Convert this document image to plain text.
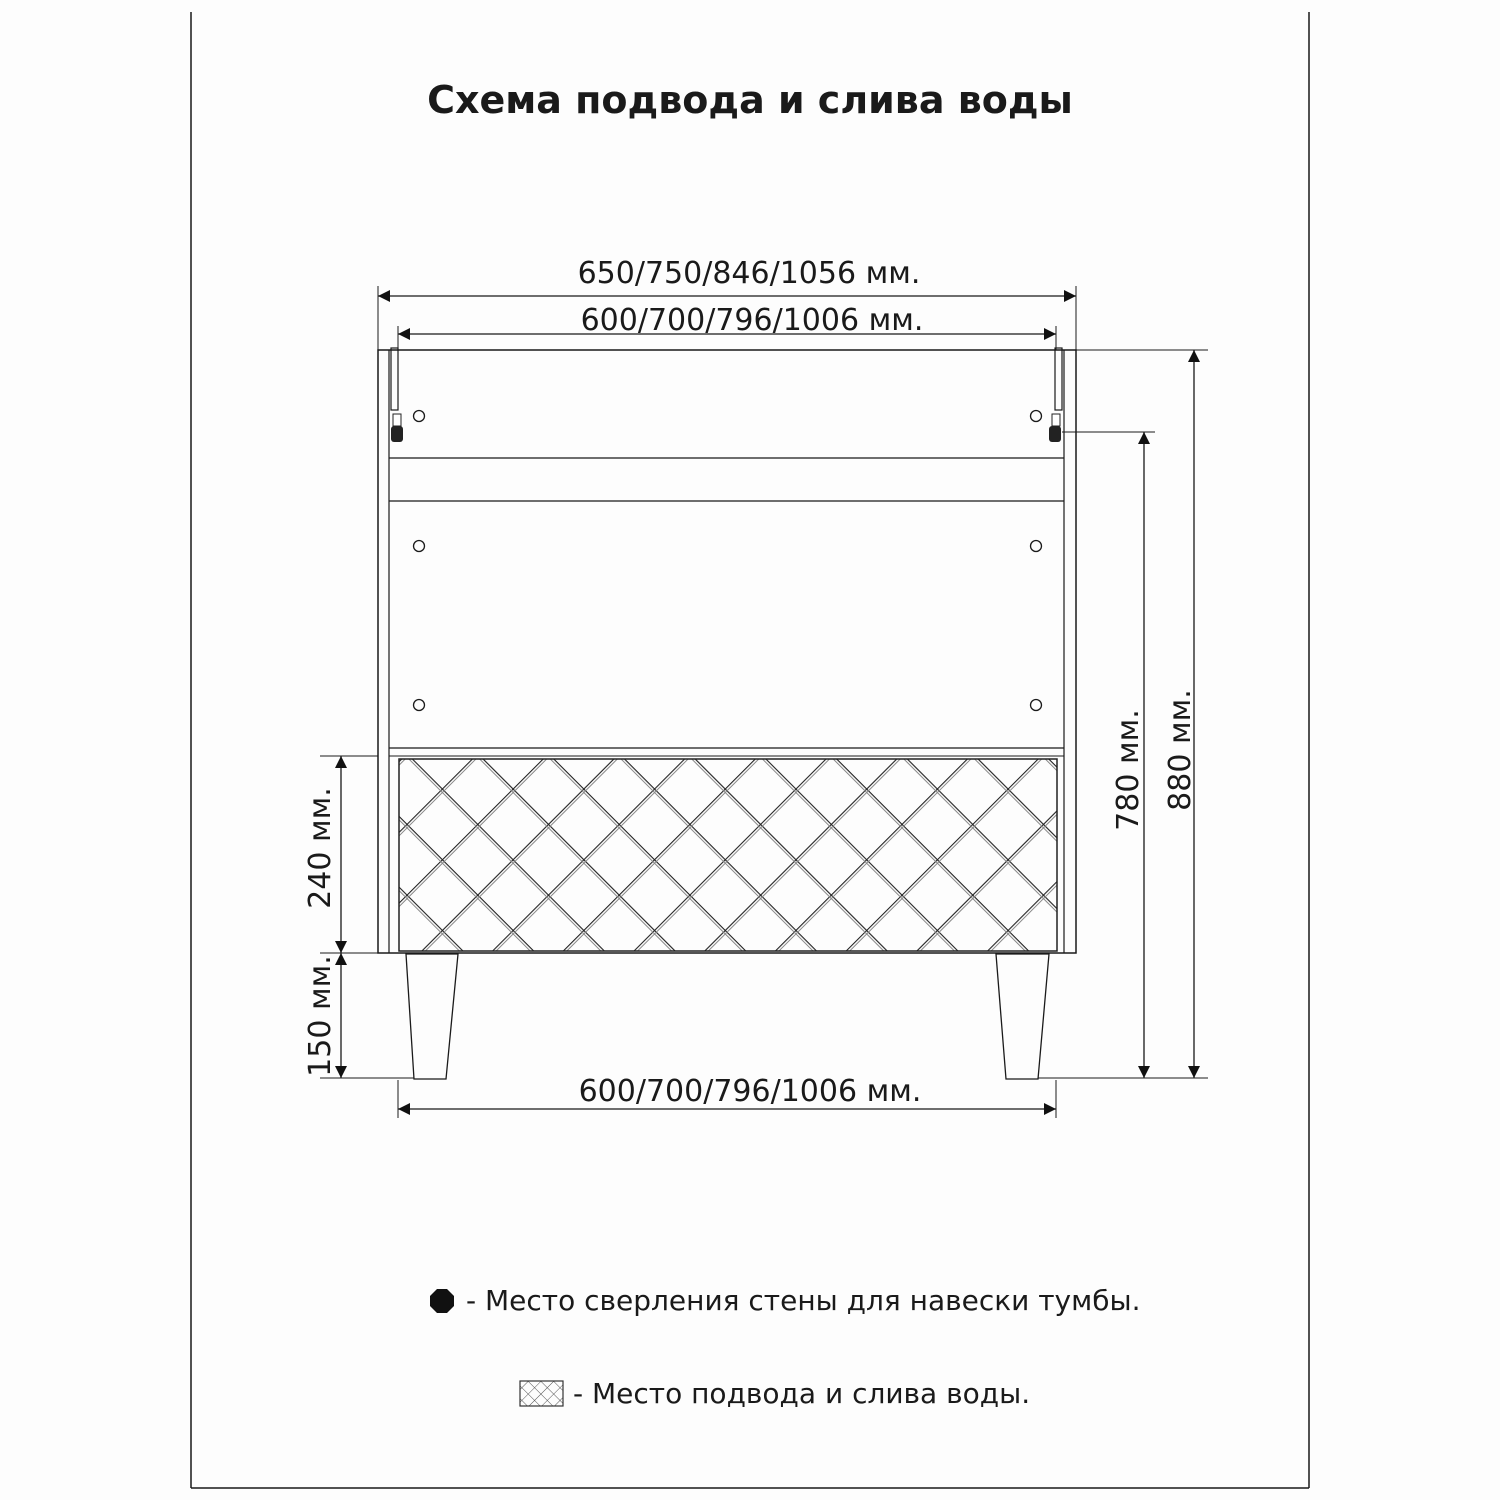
Схема подвода и слива воды
650/750/846/1056 мм.
600/700/796/1006 мм.
600/700/796/1006 мм.
880 мм.
780 мм.
240 мм.
150 мм.
- Место сверления стены для навески тумбы.
- Место подвода и слива воды.
